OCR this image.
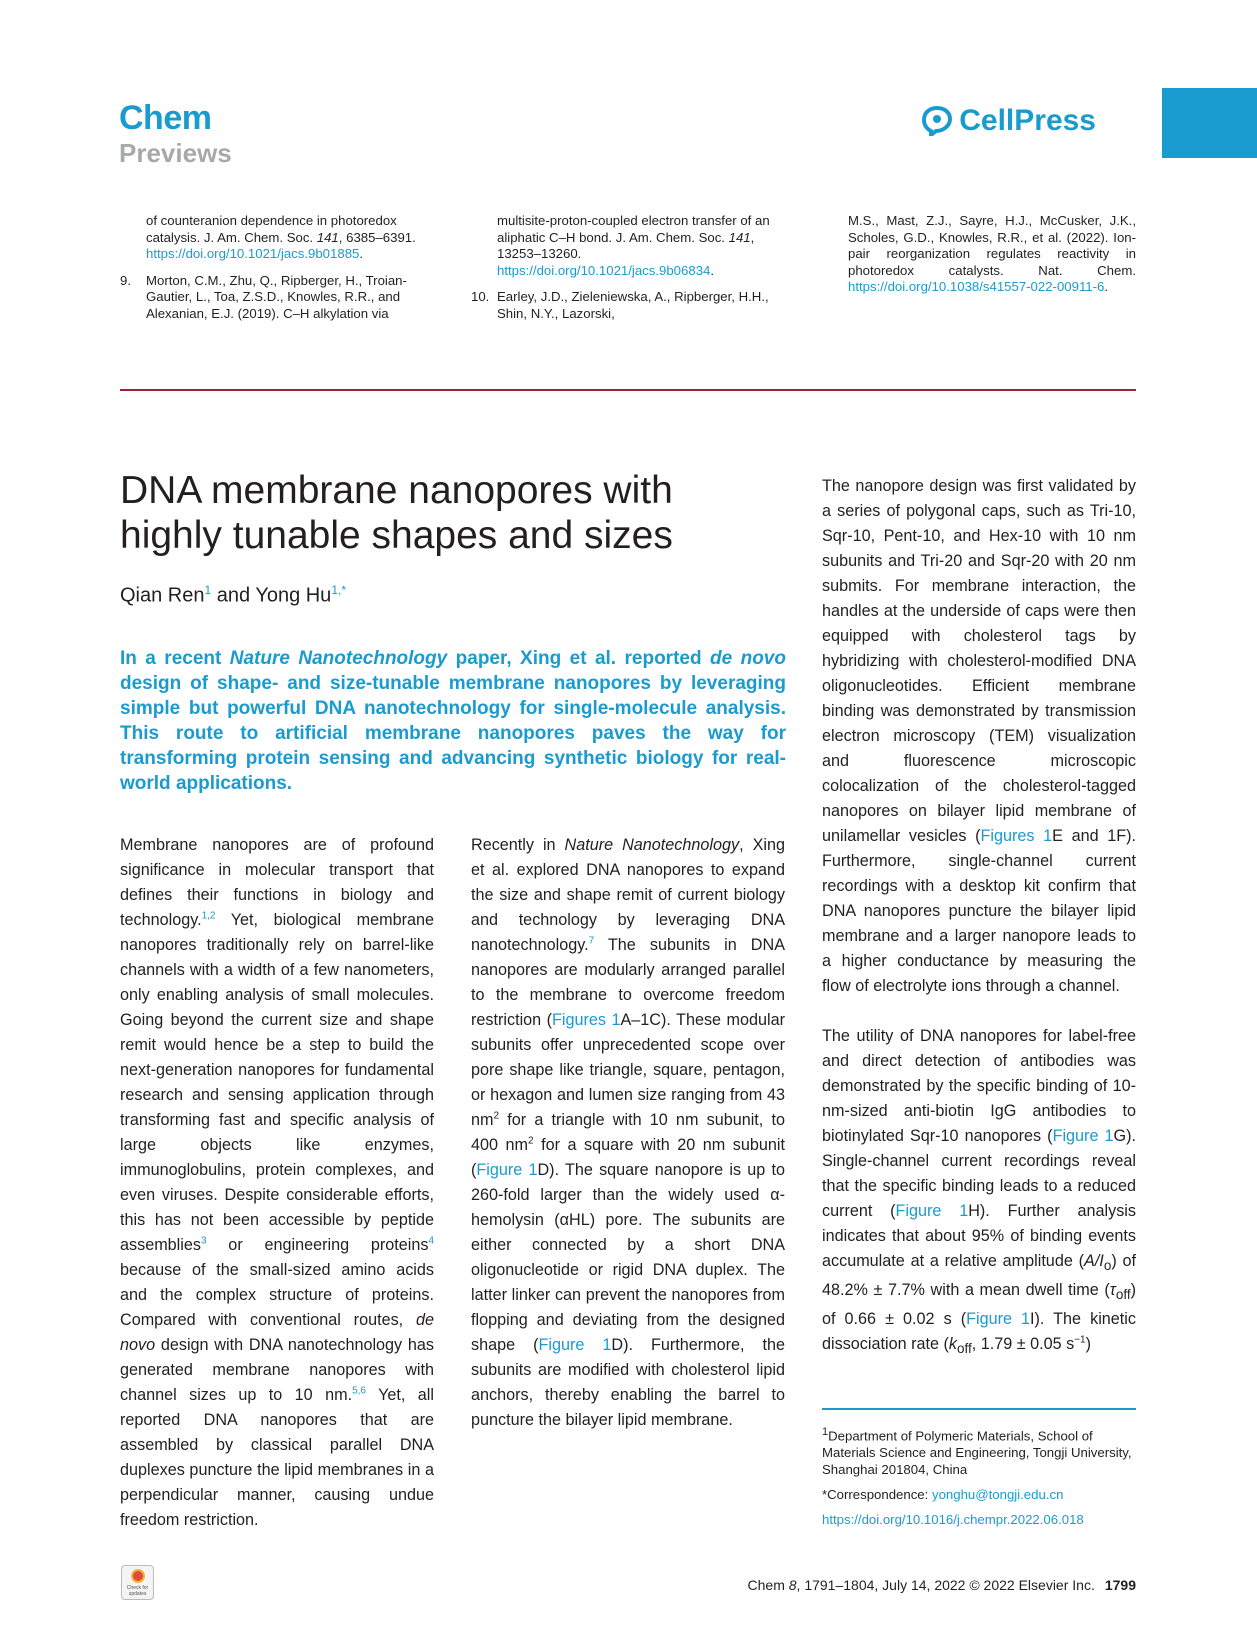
Chem
Previews
CellPress

of counteranion dependence in photoredox catalysis. J. Am. Chem. Soc. 141, 6385–6391. https://doi.org/10.1021/jacs.9b01885.

9. Morton, C.M., Zhu, Q., Ripberger, H., Troian-Gautier, L., Toa, Z.S.D., Knowles, R.R., and Alexanian, E.J. (2019). C–H alkylation via

multisite-proton-coupled electron transfer of an aliphatic C–H bond. J. Am. Chem. Soc. 141, 13253–13260. https://doi.org/10.1021/jacs.9b06834.

10. Earley, J.D., Zieleniewska, A., Ripberger, H.H., Shin, N.Y., Lazorski,

M.S., Mast, Z.J., Sayre, H.J., McCusker, J.K., Scholes, G.D., Knowles, R.R., et al. (2022). Ion-pair reorganization regulates reactivity in photoredox catalysts. Nat. Chem. https://doi.org/10.1038/s41557-022-00911-6.

DNA membrane nanopores with highly tunable shapes and sizes
Qian Ren$^1$ and Yong $Hu^{1,*}$

In a recent Nature Nanotechnology paper, Xing et al. reported de novo design of shape- and size-tunable membrane nanopores by leveraging simple but powerful DNA nanotechnology for single-molecule analysis. This route to artificial membrane nanopores paves the way for transforming protein sensing and advancing synthetic biology for real-world applications.

Membrane nanopores are of profound significance in molecular transport that defines their functions in biology and technology.$^{1,2}$ Yet, biological membrane nanopores traditionally rely on barrel-like channels with a width of a few nanometers, only enabling analysis of small molecules. Going beyond the current size and shape remit would hence be a step to build the next-generation nanopores for fundamental research and sensing application through transforming fast and specific analysis of large objects like enzymes, immunoglobulins, protein complexes, and even viruses. Despite considerable efforts, this has not been accessible by peptide assemblies$^3$ or engineering proteins$^4$ because of the small-sized amino acids and the complex structure of proteins. Compared with conventional routes, de novo design with DNA nanotechnology has generated membrane nanopores with channel sizes up to 10 nm.$^{5,6}$ Yet, all reported DNA nanopores that are assembled by classical parallel DNA duplexes puncture the lipid membranes in a perpendicular manner, causing undue freedom restriction.

Recently in Nature Nanotechnology, Xing et al. explored DNA nanopores to expand the size and shape remit of current biology and technology by leveraging DNA nanotechnology.$^7$ The subunits in DNA nanopores are modularly arranged parallel to the membrane to overcome freedom restriction (Figures 1A–1C). These modular subunits offer unprecedented scope over pore shape like triangle, square, pentagon, or hexagon and lumen size ranging from 43 $nm^2$ for a triangle with 10 nm subunit, to 400 $nm^2$ for a square with 20 nm subunit (Figure 1D). The square nanopore is up to 260-fold larger than the widely used α-hemolysin (αHL) pore. The subunits are either connected by a short DNA oligonucleotide or rigid DNA duplex. The latter linker can prevent the nanopores from flopping and deviating from the designed shape (Figure 1D). Furthermore, the subunits are modified with cholesterol lipid anchors, thereby enabling the barrel to puncture the bilayer lipid membrane.

The nanopore design was first validated by a series of polygonal caps, such as Tri-10, Sqr-10, Pent-10, and Hex-10 with 10 nm subunits and Tri-20 and Sqr-20 with 20 nm submits. For membrane interaction, the handles at the underside of caps were then equipped with cholesterol tags by hybridizing with cholesterol-modified DNA oligonucleotides. Efficient membrane binding was demonstrated by transmission electron microscopy (TEM) visualization and fluorescence microscopic colocalization of the cholesterol-tagged nanopores on bilayer lipid membrane of unilamellar vesicles (Figures 1E and 1F). Furthermore, single-channel current recordings with a desktop kit confirm that DNA nanopores puncture the bilayer lipid membrane and a larger nanopore leads to a higher conductance by measuring the flow of electrolyte ions through a channel.

The utility of DNA nanopores for label-free and direct detection of antibodies was demonstrated by the specific binding of 10-nm-sized anti-biotin IgG antibodies to biotinylated Sqr-10 nanopores (Figure 1G). Single-channel current recordings reveal that the specific binding leads to a reduced current (Figure 1H). Further analysis indicates that about 95% of binding events accumulate at a relative amplitude $(A/I_o)$ of 48.2% ± 7.7% with a mean dwell time $(\tau_{off})$ of 0.66 ± 0.02 s (Figure 1I). The kinetic dissociation rate ($k_{off}$, 1.79 ± 0.05 $s^{-1}$)

$^1$Department of Polymeric Materials, School of Materials Science and Engineering, Tongji University, Shanghai 201804, China

*Correspondence: yonghu@tongji.edu.cn

https://doi.org/10.1016/j.chempr.2022.06.018

Check for updates
Chem 8, 1791–1804, July 14, 2022 © 2022 Elsevier Inc. 1799
